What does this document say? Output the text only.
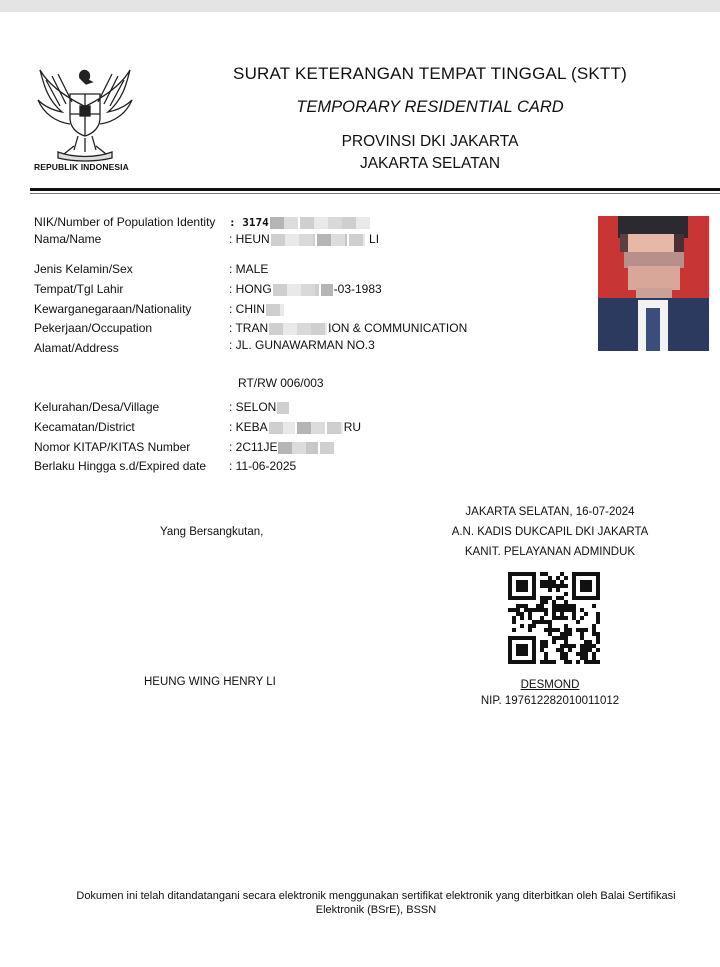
REPUBLIK INDONESIA
SURAT KETERANGAN TEMPAT TINGGAL (SKTT)
TEMPORARY RESIDENTIAL CARD
PROVINSI DKI JAKARTA
JAKARTA SELATAN
NIK/Number of Population Identity : 3174
Nama/Name	: HEUN	LI
Jenis Kelamin/Sex	: MALE
Tempat/Tgl Lahir	: HONG	-03-1983
Kewarganegaraan/Nationality	: CHIN
Pekerjaan/Occupation	: TRAN	ION & COMMUNICATION
Alamat/Address	: JL. GUNAWARMAN NO.3
RT/RW 006/003
Kelurahan/Desa/Village	: SELON
Kecamatan/District	: KEBA	RU
Nomor KITAP/KITAS Number	: 2C11JE
Berlaku Hingga s.d/Expired date : 11-06-2025
Yang Bersangkutan,
JAKARTA SELATAN, 16-07-2024
A.N. KADIS DUKCAPIL DKI JAKARTA
KANIT. PELAYANAN ADMINDUK
HEUNG WING HENRY LI	DESMOND
NIP. 197612282010011012
Dokumen ini telah ditandatangani secara elektronik menggunakan sertifikat elektronik yang diterbitkan oleh Balai Sertifikasi
Elektronik (BSrE), BSSN
